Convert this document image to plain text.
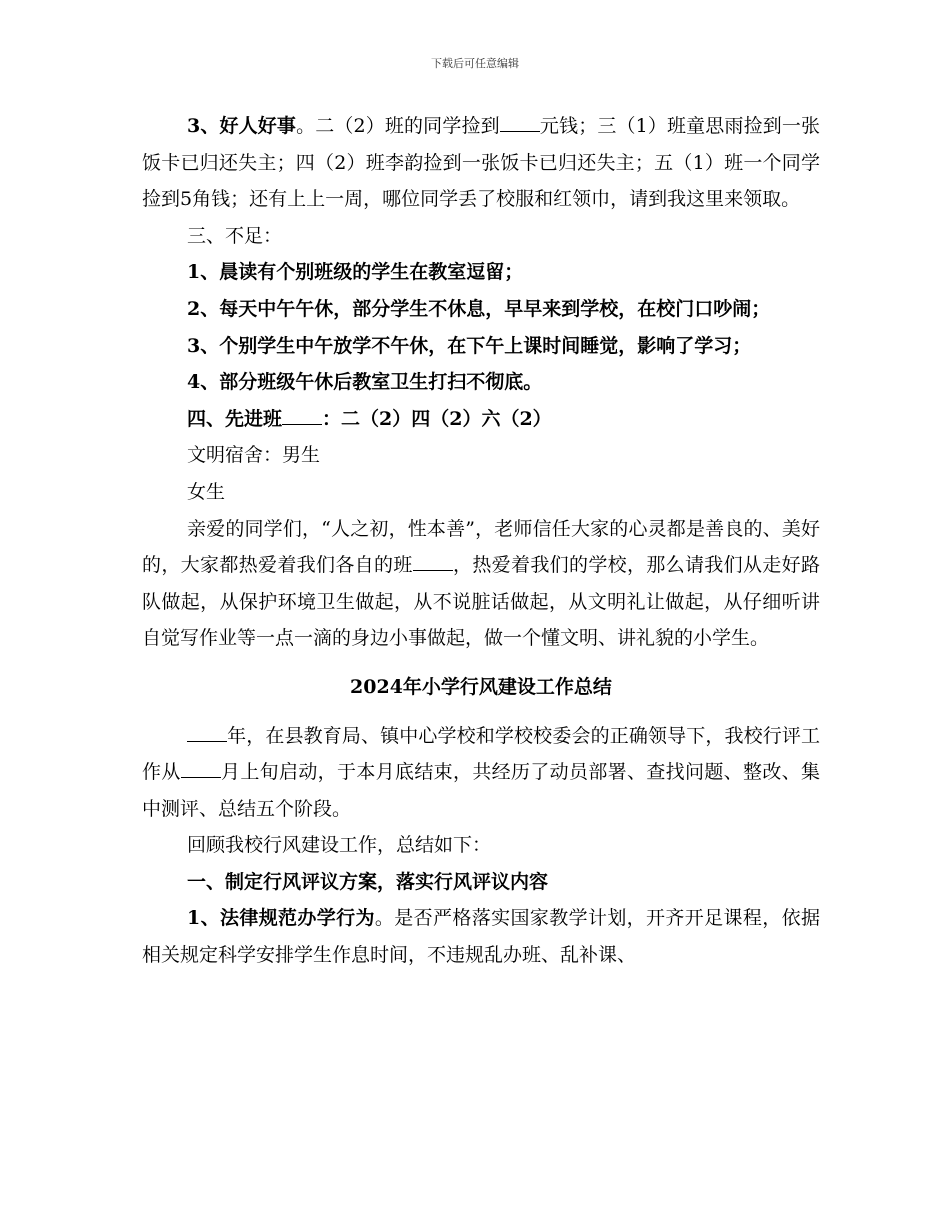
下载后可任意编辑

3、好人好事。二（2）班的同学捡到 元钱；三（1）班童思雨捡到一张饭卡已归还失主；四（2）班李韵捡到一张饭卡已归还失主；五（1）班一个同学捡到5角钱；还有上上一周，哪位同学丢了校服和红领巾，请到我这里来领取。

三、不足：

1、晨读有个别班级的学生在教室逗留；

2、每天中午午休，部分学生不休息，早早来到学校，在校门口吵闹；

3、个别学生中午放学不午休，在下午上课时间睡觉，影响了学习；

4、部分班级午休后教室卫生打扫不彻底。

四、先进班 ：二（2）四（2）六（2）

文明宿舍：男生

女生

亲爱的同学们，“人之初，性本善”，老师信任大家的心灵都是善良的、美好的，大家都热爱着我们各自的班 ，热爱着我们的学校，那么请我们从走好路队做起，从保护环境卫生做起，从不说脏话做起，从文明礼让做起，从仔细听讲自觉写作业等一点一滴的身边小事做起，做一个懂文明、讲礼貌的小学生。

2024年小学行风建设工作总结

年，在县教育局、镇中心学校和学校校委会的正确领导下，我校行评工作从 月上旬启动，于本月底结束，共经历了动员部署、查找问题、整改、集中测评、总结五个阶段。

回顾我校行风建设工作，总结如下：

一、制定行风评议方案，落实行风评议内容

1、法律规范办学行为。是否严格落实国家教学计划，开齐开足课程，依据相关规定科学安排学生作息时间，不违规乱办班、乱补课、
